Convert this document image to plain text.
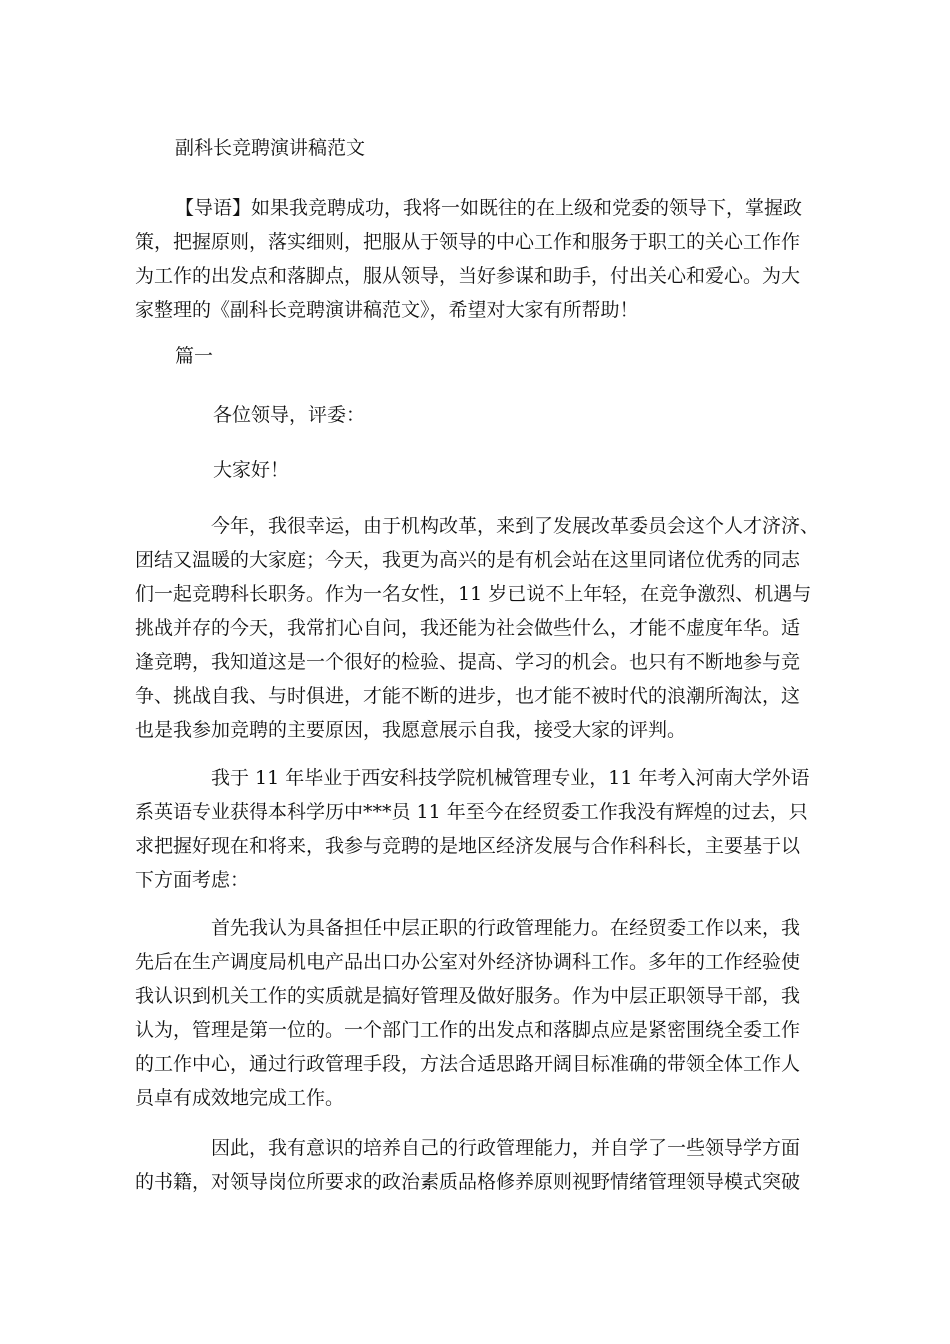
副科长竞聘演讲稿范文
【导语】如果我竞聘成功，我将一如既往的在上级和党委的领导下，掌握政
策，把握原则，落实细则，把服从于领导的中心工作和服务于职工的关心工作作
为工作的出发点和落脚点，服从领导，当好参谋和助手，付出关心和爱心。为大
家整理的《副科长竞聘演讲稿范文》，希望对大家有所帮助！
篇一
各位领导，评委：
大家好！
今年，我很幸运，由于机构改革，来到了发展改革委员会这个人才济济、
团结又温暖的大家庭；今天，我更为高兴的是有机会站在这里同诸位优秀的同志
们一起竞聘科长职务。作为一名女性，11 岁已说不上年轻，在竞争激烈、机遇与
挑战并存的今天，我常扪心自问，我还能为社会做些什么，才能不虚度年华。适
逢竞聘，我知道这是一个很好的检验、提高、学习的机会。也只有不断地参与竞
争、挑战自我、与时俱进，才能不断的进步，也才能不被时代的浪潮所淘汰，这
也是我参加竞聘的主要原因，我愿意展示自我，接受大家的评判。
我于 11 年毕业于西安科技学院机械管理专业，11 年考入河南大学外语
系英语专业获得本科学历中***员 11 年至今在经贸委工作我没有辉煌的过去，只
求把握好现在和将来，我参与竞聘的是地区经济发展与合作科科长，主要基于以
下方面考虑：
首先我认为具备担任中层正职的行政管理能力。在经贸委工作以来，我
先后在生产调度局机电产品出口办公室对外经济协调科工作。多年的工作经验使
我认识到机关工作的实质就是搞好管理及做好服务。作为中层正职领导干部，我
认为，管理是第一位的。一个部门工作的出发点和落脚点应是紧密围绕全委工作
的工作中心，通过行政管理手段，方法合适思路开阔目标准确的带领全体工作人
员卓有成效地完成工作。
因此，我有意识的培养自己的行政管理能力，并自学了一些领导学方面
的书籍，对领导岗位所要求的政治素质品格修养原则视野情绪管理领导模式突破
